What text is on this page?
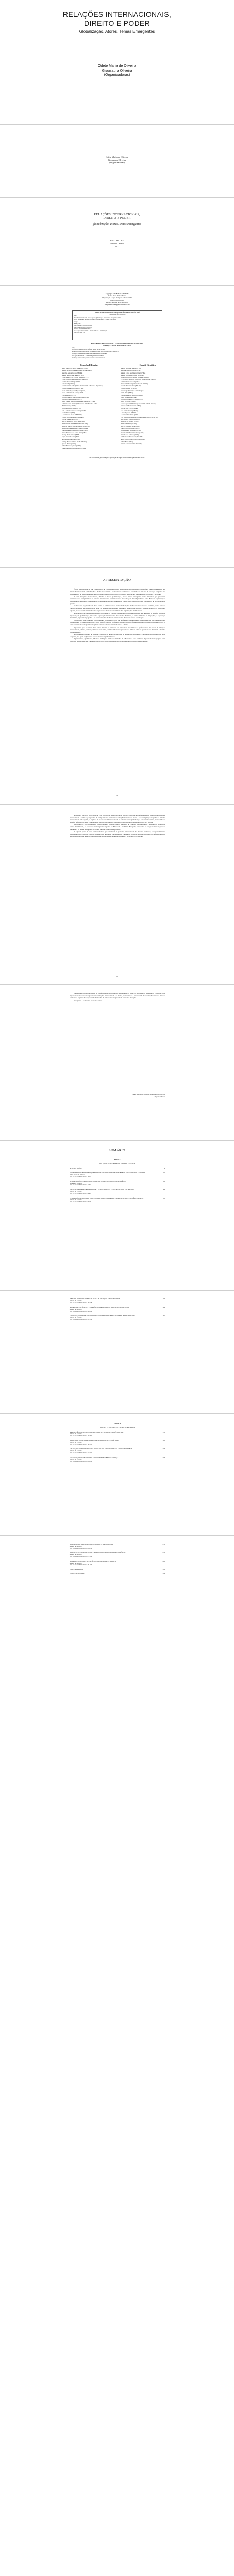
RELAÇÕES INTERNACIONAIS,
DIREITO E PODER
Globalização, Atores, Temas Emergentes
Odete Maria de Oliveira
Grousaura Oliveira
(Organizadoras)
Odete Maria de Oliveira
Grousaura Oliveira
(Organizadoras)
RELAÇÕES INTERNACIONAIS,
DIREITO E PODER
globalização, atores, temas emergentes
EDITORA CRV
Curitiba – Brasil
2022
Copyright © da Editora CRV Ltda.
Editor-chefe: Railson Moura
Diagramação e Capa: Designers da Editora CRV
Arte de Capa: Pixabay
Revisão: Analista de Escrita e Artes
Diagramação: Designers da Editora CRV
DADOS INTERNACIONAIS DE CATALOGAÇÃO NA PUBLICAÇÃO (CIP)
CATALOGAÇÃO NA FONTE
R382
Relações internacionais, direito e poder: globalização, atores, temas emergentes / Odete
Maria de Oliveira, Grousaura Oliveira (organizadoras) – Curitiba : CRV, 2022.
314 p.
Bibliografia
ISBN Digital 978-65-251-0000-0
ISBN Físico 978-65-251-0000-0
DOI 10.24824/978652510000.0
1. Relações internacionais 2. Direito 3. Poder 4. Globalização
CDU 327 CDD 327
ESTA OBRA TAMBÉM ENCONTRA-SE DISPONÍVEL EM FORMATO DIGITAL.
CONHEÇA E BAIXE NOSSO APLICATIVO!
2022
Foi feito o depósito legal conf. Lei 10.994 de 14/12/2004
Proibida a reprodução parcial ou total desta obra sem autorização da Editora CRV
Todos os direitos desta edição reservados pela: Editora CRV
Tel.: (41) 3039-6418 – E-mail: sac@editoracrv.com.br
Conheça os nossos lançamentos: www.editoracrv.com.br
Conselho Editorial:
Aldira Guimarães Duarte Domínguez (UNB)
Andréia da Silva Quintanilha Sousa (UNIR/UFRN)
Anselmo Alencar Colares (UFOPA)
Antônio Pereira Gaio Júnior (UFRRJ)
Carlos Alberto Vilar Estêvão (UMINHO – PT)
Carlos Federico Dominguez Avila (Unieuro)
Carmen Tereza Velanga (UNIR)
Celso Conti (UFSCar)
Cesar Gerónimo Tello (Univer. Nacional Três de Febrero – Argentina)
Eduardo Fernandes Barbosa (UFMG)
Elione Maria Nogueira Diogenes (UFAL)
Elizeu Clementino de Souza (UNEB)
Élsio José Corá (UFFS)
Fernando Antônio Gonçalves Alcoforado (IPB)
Francisco Carlos Duarte (PUC-PR)
Gloria Fariñas León (Universidade de La Havana – Cuba)
Guillermo Arias Beatón (Universidade de La Havana – Cuba)
Helmuth Krüger (UCP)
Jailson Alves dos Santos (UFRJ)
João Adalberto Campato Junior (UNESP)
Josania Portela (UFPI)
Leonel Severo Rocha (UNISINOS)
Lídia de Oliveira Xavier (UNIEURO)
Lourdes Helena da Silva (UFV)
Marcelo Paixão (UFRJ e UTexas – US)
Maria Cristina dos Santos Bezerra (UFSCar)
Maria de Lourdes Pinto de Almeida (UNOESC)
Maria Lília Imbiriba Sousa Colares (UFOPA)
Paulo Romualdo Hernandes (UNIFAL-MG)
Renato Francisco dos Santos Paula (UFG)
Rodrigo Pratte-Santos (UFES)
Sérgio Nunes de Jesus (IFRO)
Simone Rodrigues Pinto (UNB)
Solange Helena Ximenes-Rocha (UFOPA)
Sydione Santos (UEPG)
Tadeu Oliver Gonçalves (UFPA)
Tania Suely Azevedo Brasileiro (UFOPA)
Comitê Científico:
Adriana Rodrigues Suarez (UFSM)
Alexandre Morais da Rosa (UFSC)
Antonio Carlos de Almeida Diniz (UFMG)
Antonio Jorge Pereira Júnior (UNIFOR)
Bernardo Gonçalves Alfredo Fernandes (UFMG)
Cicero Krupp da Luz (Faculdade de Direito Milton Campos)
Cristiane Vieira Jaccoud (UFRJ)
Daniel Amin Ferraz (Universidade de Valencia)
Eduardo Biacchi Gomes (PUC-PR)
Eduardo Manuel Val (UFF)
Erica Gorga (Fundação Getúlio Vargas)
Ezilda Melo (UFBA)
Fábio Periandro de A. Hirsch (UFBA)
Felipe Dutra Asensi (UERJ)
Fernando Antônio de C. Dantas (UFG)
Gisele Ricobom (UNILA)
Gislane Aparecida Monteiro (Universidade Federal do Pará)
Ivandro de Oliveira Garcia (UFRJ)
Jairo da Silva Vieira (PUCRS)
José Antonio Souza (UFMG)
Leticia Fagundes (UFRRJ)
Lucas Gualberto Faria (UFRJ)
Luiz Gonzaga Silva Adolfo (Universidade de Santa Cruz do Sul)
Marcos Jorge Catalan (Unisinos)
Maria Cecilia Oliveira (UFRJ)
Maria Jose Gomes (UFBA)
Marcelo Pereira de Mello (UFF)
Paulo de Tarso Brandão (UFSC)
Ramon Alberto dos Santos (UFRB)
Ricardo Tadeu Estanislau Prado (UFBA)
Ronaldo José de Jesus (UNEB)
Sandra Morais Brito Costa (PUC-RS)
Sergio Tibiriçá Amaral (Toledo Prudente)
Tatiana Bayer (IBEJ)
Vinicius Gomes Casalino (PUC-SP)
Este livro passou por avaliação e aprovação às cegas de dois ou mais pareceristas ad hoc.
APRESENTAÇÃO

É com muita satisfação que a Associação de Pesquisa e Estudos em Relações Internacionais (Nerints) e o Grupo de Pesquisa em Direito Internacional, Globalização e Poder apresentam à comunidade acadêmica o resultado de um ano de esforços conjuntos de pesquisadores de diversas instituições do país e do exterior, em torno da temática das relações internacionais, do direito e do poder.

A obra Relações Internacionais, Direito e Poder: globalização, atores, temas emergentes reúne trabalhos que procuram compreender a complexidade do cenário internacional contemporâneo, marcado pela interdependência entre Estados, organizações internacionais, empresas transnacionais, organizações não governamentais e indivíduos, bem como pela emergência de novas agendas globais.

O livro está organizado em duas partes. A primeira delas, intitulada Relações de Poder entre Atores e Cenários, reúne estudos voltados à análise das dinâmicas de poder no sistema internacional, abordando temas como a política externa brasileira, a integração regional, a cooperação internacional e os processos decisórios no âmbito das organizações multilaterais.

A segunda parte, denominada Direito, Globalização e Temas Emergentes, concentra trabalhos que discutem os desafios jurídicos impostos pela globalização, tais como a proteção internacional dos direitos humanos, o meio ambiente, as migrações, a segurança cibernética, a governança global e as transformações do direito internacional diante das novas tecnologias.

Os capítulos que compõem esta coletânea foram elaborados por professores, pesquisadores e estudantes de pós-graduação que compartilham o compromisso com o rigor científico e com a reflexão crítica acerca dos fenômenos internacionais, contribuindo para o fortalecimento do diálogo interdisciplinar entre as relações internacionais e o direito.

Esperamos que a leitura desta obra desperte o interesse de estudantes, acadêmicos e profissionais das áreas de relações internacionais, direito, ciência política e áreas afins, estimulando novas pesquisas e debates sobre as questões que desafiam o mundo contemporâneo.

A coletânea é resultado do trabalho coletivo e da dedicação de todos os autores que aceitaram o convite para contribuir com suas pesquisas, aos quais registramos nossos sinceros agradecimentos.

Agradecemos, igualmente, à Editora CRV pelo cuidadoso trabalho de editoração e pela confiança depositada neste projeto, bem como aos pareceristas que, com suas observações, contribuíram para o aprimoramento dos textos aqui reunidos.

9

A primeira parte do livro inicia-se com o texto de Odete Maria de Oliveira, que discute os fundamentos teóricos das relações internacionais a partir da perspectiva da complexidade, analisando a emergência de novos atores e a reconfiguração do poder no sistema internacional. Em seguida, o capítulo de Grousaura Oliveira aborda as relações entre globalização e soberania estatal, destacando os desafios enfrentados pelos Estados diante da crescente transnacionalização das relações econômicas, políticas e sociais.

Na sequência, são apresentados estudos sobre a política externa brasileira no contexto sul-americano, a atuação do Brasil nos fóruns multilaterais, os processos de integração regional no Mercosul e na União Europeia, bem como as relações entre as grandes potências e os países emergentes na ordem internacional contemporânea.

A segunda parte da obra reúne trabalhos que examinam a proteção internacional dos direitos humanos, a responsabilidade internacional dos Estados, o direito internacional ambiental e as mudanças climáticas, as migrações internacionais e o refúgio, além de temas relacionados à segurança internacional, ao terrorismo, à cibersegurança e à governança da internet.

10

Também são objeto de análise as transformações do comércio internacional, o papel da Organização Mundial do Comércio e os impactos das novas tecnologias sobre as relações internacionais e o direito, evidenciando a necessidade de construção de novos marcos normativos capazes de responder às demandas de uma sociedade global em constante mutação.

Desejamos a todos uma excelente leitura.

Odete Maria de Oliveira e Grousaura Oliveira
Organizadoras
SUMÁRIO
PARTE I
RELAÇÕES DE PODER ENTRE ATORES E CENÁRIOS
APRESENTAÇÃO	9
A COMPLEXIDADE NAS RELAÇÕES INTERNACIONAIS: UM OLHAR SOBRE OS NOVOS ATORES E O PODER	15
Odete Maria de Oliveira
DOI: 10.24824/978652510000.0.15-40
GLOBALIZAÇÃO E SOBERANIA: OS DESAFIOS DO ESTADO CONTEMPORÂNEO	41
Grousaura Oliveira
DOI: 10.24824/978652510000.0.41-62
A POLÍTICA EXTERNA BRASILEIRA E A AMÉRICA DO SUL: CONTINUIDADES E RUPTURAS	63
Autores do capítulo
DOI: 10.24824/978652510000.0.63-84
INTEGRAÇÃO REGIONAL E PODER: UM ESTUDO COMPARADO ENTRE MERCOSUL E UNIÃO EUROPEIA	85
Autores do capítulo
DOI: 10.24824/978652510000.0.85-106
O BRASIL E OS FÓRUNS MULTILATERAIS: ATUAÇÃO E PERSPECTIVAS	107
Autores do capítulo
DOI: 10.24824/978652510000.0.107-128
AS GRANDES POTÊNCIAS E OS PAÍSES EMERGENTES NA ORDEM INTERNACIONAL	129
Autores do capítulo
DOI: 10.24824/978652510000.0.129-150
COOPERAÇÃO INTERNACIONAL PARA O DESENVOLVIMENTO: ATORES E INSTRUMENTOS	151
Autores do capítulo
DOI: 10.24824/978652510000.0.151-170
PARTE II
DIREITO, GLOBALIZAÇÃO E TEMAS EMERGENTES
A PROTEÇÃO INTERNACIONAL DOS DIREITOS HUMANOS NO SÉCULO XXI	173
Autores do capítulo
DOI: 10.24824/978652510000.0.173-192
DIREITO INTERNACIONAL AMBIENTAL E MUDANÇAS CLIMÁTICAS	193
Autores do capítulo
DOI: 10.24824/978652510000.0.193-212
MIGRAÇÕES INTERNACIONAIS E REFÚGIO: DESAFIOS JURÍDICOS CONTEMPORÂNEOS	213
Autores do capítulo
DOI: 10.24824/978652510000.0.213-232
SEGURANÇA INTERNACIONAL, TERRORISMO E CIBERSEGURANÇA	233
Autores do capítulo
DOI: 10.24824/978652510000.0.233-252
GOVERNANÇA DA INTERNET E O DIREITO INTERNACIONAL	253
Autores do capítulo
DOI: 10.24824/978652510000.0.253-270
O COMÉRCIO INTERNACIONAL E A ORGANIZAÇÃO MUNDIAL DO COMÉRCIO	271
Autores do capítulo
DOI: 10.24824/978652510000.0.271-290
NOVAS TECNOLOGIAS, RELAÇÕES INTERNACIONAIS E DIREITO	291
Autores do capítulo
DOI: 10.24824/978652510000.0.291-310
ÍNDICE REMISSIVO	311
SOBRE OS AUTORES	313
